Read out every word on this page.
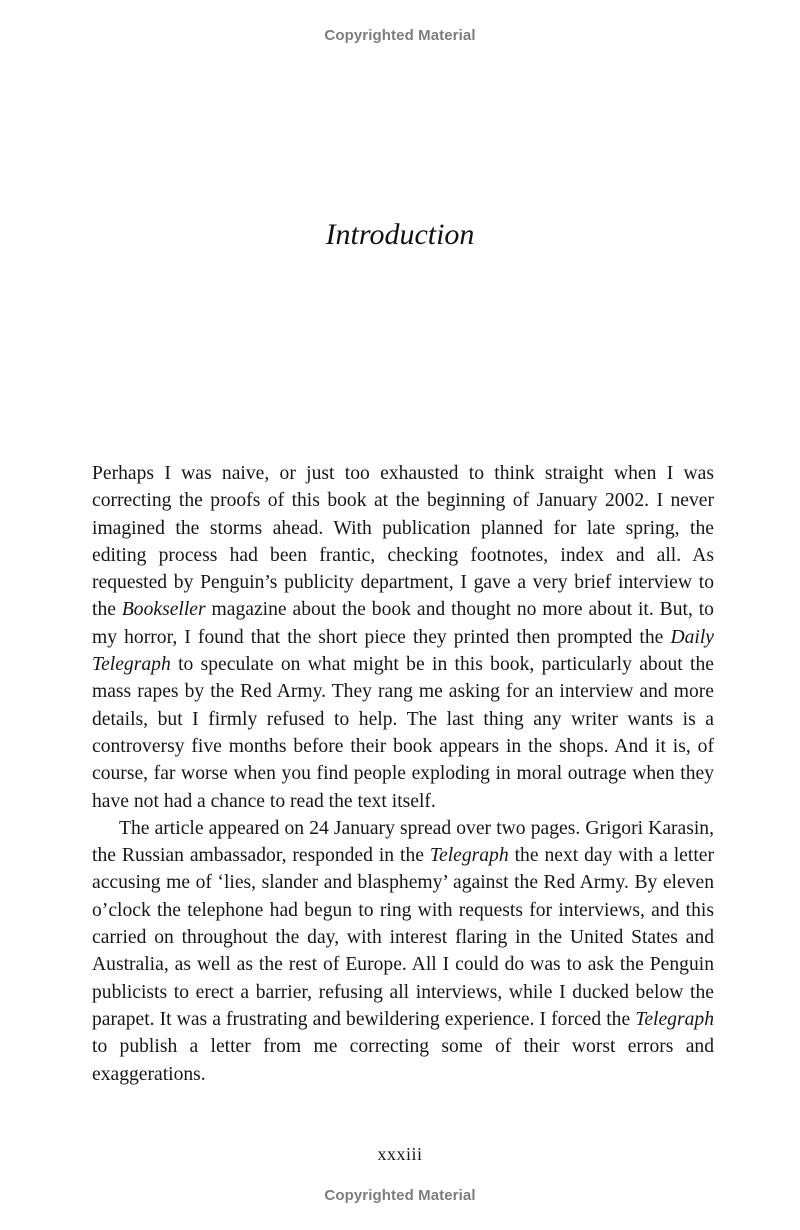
Copyrighted Material
Introduction

Perhaps I was naive, or just too exhausted to think straight when I was correcting the proofs of this book at the beginning of January 2002. I never imagined the storms ahead. With publication planned for late spring, the editing process had been frantic, checking footnotes, index and all. As requested by Penguin’s publicity department, I gave a very brief interview to the Bookseller magazine about the book and thought no more about it. But, to my horror, I found that the short piece they printed then prompted the Daily Telegraph to speculate on what might be in this book, particularly about the mass rapes by the Red Army. They rang me asking for an interview and more details, but I firmly refused to help. The last thing any writer wants is a controversy five months before their book appears in the shops. And it is, of course, far worse when you find people exploding in moral outrage when they have not had a chance to read the text itself.

The article appeared on 24 January spread over two pages. Grigori Karasin, the Russian ambassador, responded in the Telegraph the next day with a letter accusing me of ‘lies, slander and blasphemy’ against the Red Army. By eleven o’clock the telephone had begun to ring with requests for interviews, and this carried on throughout the day, with interest flaring in the United States and Australia, as well as the rest of Europe. All I could do was to ask the Penguin publicists to erect a barrier, refusing all interviews, while I ducked below the parapet. It was a frustrating and bewildering experience. I forced the Telegraph to publish a letter from me correcting some of their worst errors and exaggerations.

xxxiii
Copyrighted Material
